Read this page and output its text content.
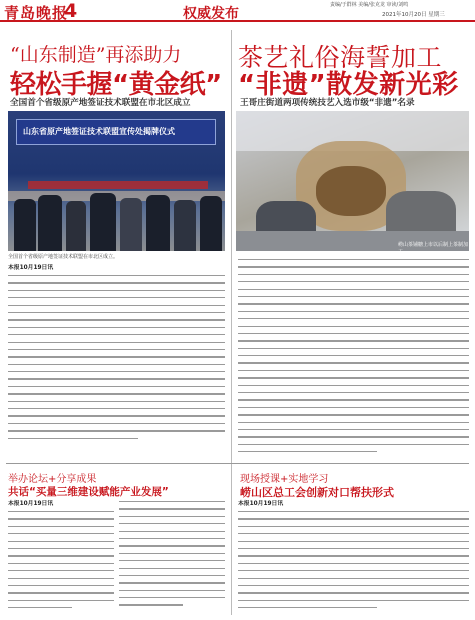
青岛晚报
4	权威发布
责编/于群林 美编/张克龙 审读/刘鸣
2021年10月20日 星期三
“山东制造”再添助力
轻松手握“黄金纸”
全国首个省级原产地签证技术联盟在市北区成立
山东省原产地签证技术联盟宣传处揭牌仪式
全国首个省级原产地签证技术联盟在市北区成立。
本报10月19日讯
茶艺礼俗海誓加工
“非遗”散发新光彩
王哥庄街道两项传统技艺入选市级“非遗”名录
崂山茶铺糖上市以后制上茶制加工。
举办论坛+分享成果
共话“买量三维建设赋能产业发展”
本报10月19日讯
现场授课+实地学习
崂山区总工会创新对口帮扶形式
本报10月19日讯
